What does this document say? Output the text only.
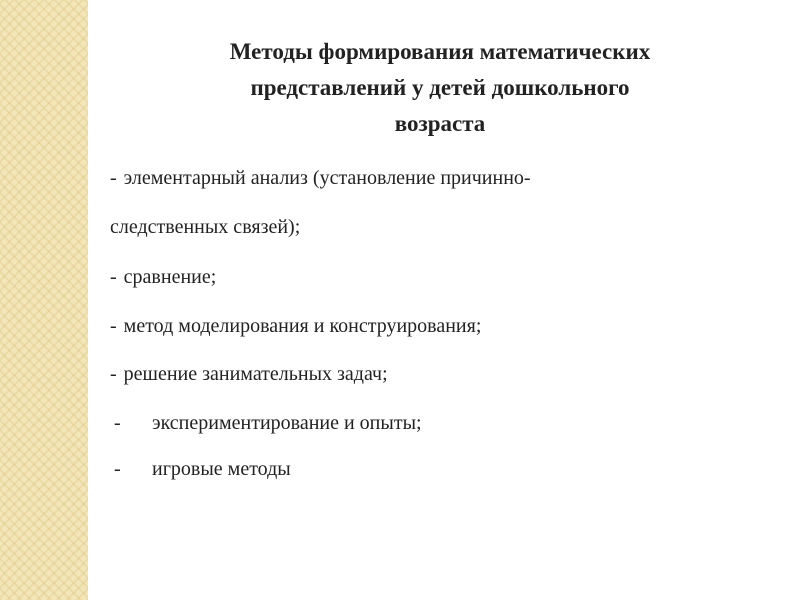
Методы формирования математических
представлений у детей дошкольного
возраста
- элементарный анализ (установление причинно-
следственных связей);
- сравнение;
- метод моделирования и конструирования;
- решение занимательных задач;
- экспериментирование и опыты;
- игровые методы
